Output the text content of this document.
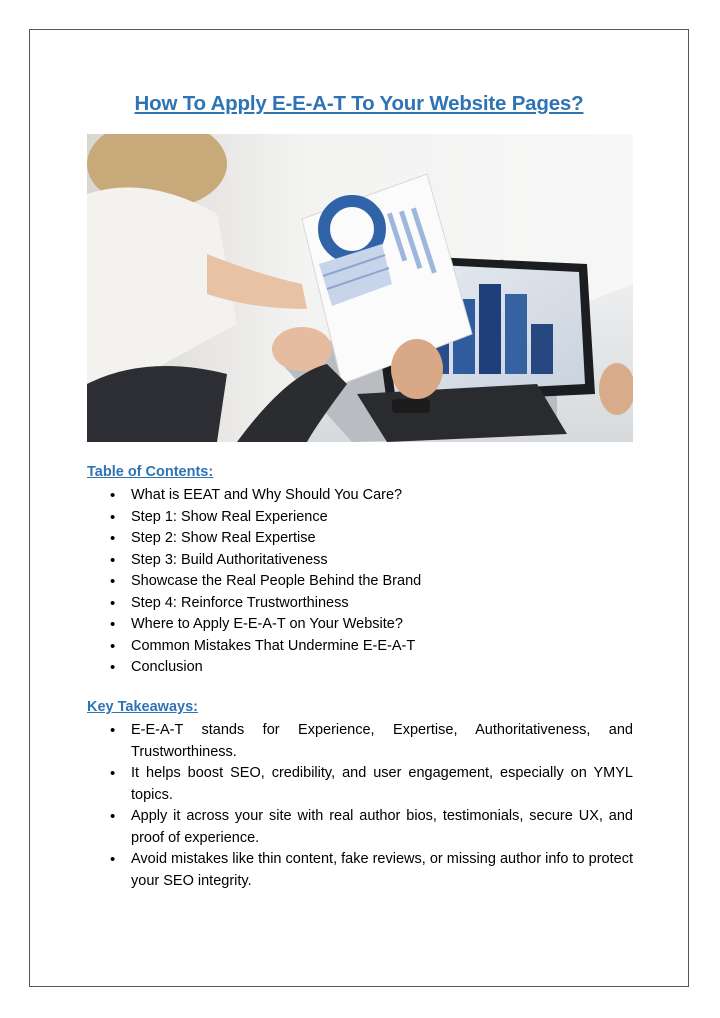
How To Apply E-E-A-T To Your Website Pages?
Table of Contents:
• What is EEAT and Why Should You Care?
• Step 1: Show Real Experience
• Step 2: Show Real Expertise
• Step 3: Build Authoritativeness
• Showcase the Real People Behind the Brand
• Step 4: Reinforce Trustworthiness
• Where to Apply E-E-A-T on Your Website?
• Common Mistakes That Undermine E-E-A-T
• Conclusion
Key Takeaways:
• E-E-A-T stands for Experience, Expertise, Authoritativeness, and Trustworthiness.
• It helps boost SEO, credibility, and user engagement, especially on YMYL topics.
• Apply it across your site with real author bios, testimonials, secure UX, and proof of experience.
• Avoid mistakes like thin content, fake reviews, or missing author info to protect your SEO integrity.
